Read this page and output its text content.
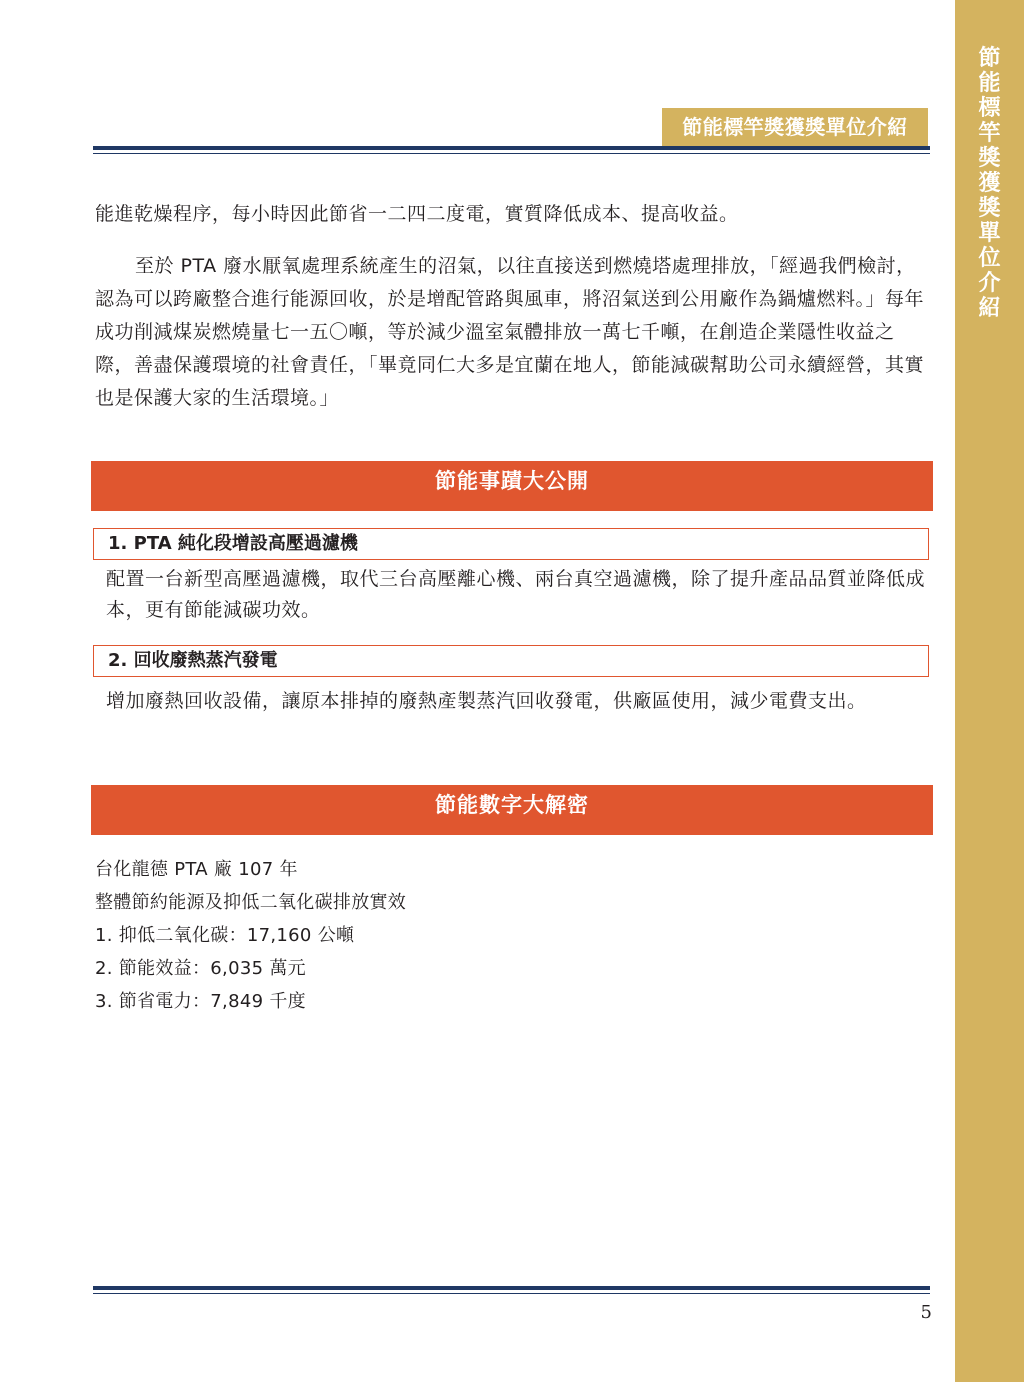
節
能
標
竿
獎
獲
獎
單
位
介
紹
節能標竿獎獲獎單位介紹

能進乾燥程序，每小時因此節省一二四二度電，實質降低成本、提高收益。

至於 PTA 廢水厭氧處理系統產生的沼氣，以往直接送到燃燒塔處理排放，「經過我們檢討，認為可以跨廠整合進行能源回收，於是增配管路與風車，將沼氣送到公用廠作為鍋爐燃料。」每年成功削減煤炭燃燒量七一五〇噸，等於減少溫室氣體排放一萬七千噸，在創造企業隱性收益之際，善盡保護環境的社會責任，「畢竟同仁大多是宜蘭在地人，節能減碳幫助公司永續經營，其實也是保護大家的生活環境。」

節能事蹟大公開
1. PTA 純化段增設高壓過濾機

配置一台新型高壓過濾機，取代三台高壓離心機、兩台真空過濾機，除了提升產品品質並降低成本，更有節能減碳功效。

2. 回收廢熱蒸汽發電

增加廢熱回收設備，讓原本排掉的廢熱產製蒸汽回收發電，供廠區使用，減少電費支出。

節能數字大解密
台化龍德 PTA 廠 107 年
整體節約能源及抑低二氧化碳排放實效
1. 抑低二氧化碳：17,160 公噸
2. 節能效益：6,035 萬元
3. 節省電力：7,849 千度
5
